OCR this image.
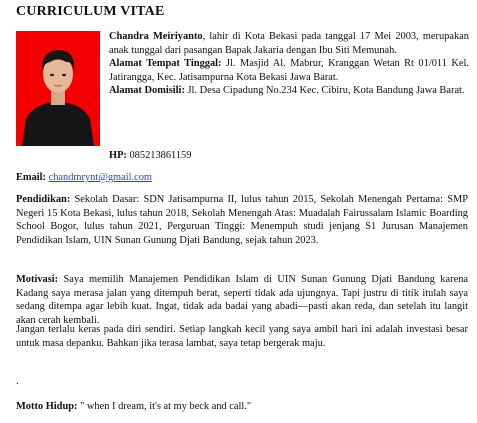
CURRICULUM VITAE

Chandra Meiriyanto, lahir di Kota Bekasi pada tanggal 17 Mei 2003, merupakan anak tunggal dari pasangan Bapak Jakaria dengan Ibu Siti Memunah.
Alamat Tempat Tinggal: Jl. Masjid Al. Mabrur, Kranggan Wetan Rt 01/011 Kel. Jatirangga, Kec. Jatisampurna Kota Bekasi Jawa Barat.
Alamat Domisili: Jl. Desa Cipadung No.234 Kec. Cibiru, Kota Bandung Jawa Barat.

HP: 085213861159

Email: chandmrynt@gmail.com

Pendidikan: Sekolah Dasar: SDN Jatisampurna II, lulus tahun 2015, Sekolah Menengah Pertama: SMP Negeri 15 Kota Bekasi, lulus tahun 2018, Sekolah Menengah Atas: Muadalah Fairussalam Islamic Boarding School Bogor, lulus tahun 2021, Perguruan Tinggi: Menempuh studi jenjang S1 Jurusan Manajemen Pendidikan Islam, UIN Sunan Gunung Djati Bandung, sejak tahun 2023.

Motivasi: Saya memilih Manajemen Pendidikan Islam di UIN Sunan Gunung Djati Bandung karena Kadang saya merasa jalan yang ditempuh berat, seperti tidak ada ujungnya. Tapi justru di titik itulah saya sedang ditempa agar lebih kuat. Ingat, tidak ada badai yang abadi—pasti akan reda, dan setelah itu langit akan cerah kembali.

Jangan terlalu keras pada diri sendiri. Setiap langkah kecil yang saya ambil hari ini adalah investasi besar untuk masa depanku. Bahkan jika terasa lambat, saya tetap bergerak maju.

.

Motto Hidup: " when I dream, it's at my beck and call."
